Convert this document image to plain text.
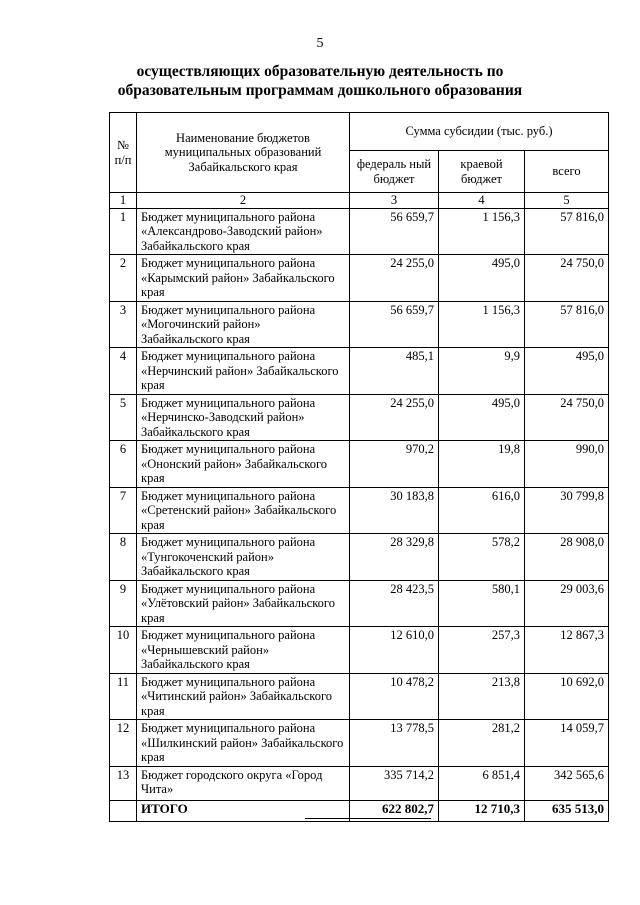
5
осуществляющих образовательную деятельность по образовательным программам дошкольного образования
№ п/п	Наименование бюджетов муниципальных образований Забайкальского края	Сумма субсидии (тыс. руб.)		
		федераль ный бюджет	краевой бюджет	всего
1	2	3	4	5
1	Бюджет муниципального района «Александрово-Заводский район» Забайкальского края	56 659,7	1 156,3	57 816,0
2	Бюджет муниципального района «Карымский район» Забайкальского края	24 255,0	495,0	24 750,0
3	Бюджет муниципального района «Могочинский район» Забайкальского края	56 659,7	1 156,3	57 816,0
4	Бюджет муниципального района «Нерчинский район» Забайкальского края	485,1	9,9	495,0
5	Бюджет муниципального района «Нерчинско-Заводский район» Забайкальского края	24 255,0	495,0	24 750,0
6	Бюджет муниципального района «Ононский район» Забайкальского края	970,2	19,8	990,0
7	Бюджет муниципального района «Сретенский район» Забайкальского края	30 183,8	616,0	30 799,8
8	Бюджет муниципального района «Тунгокоченский район» Забайкальского края	28 329,8	578,2	28 908,0
9	Бюджет муниципального района «Улётовский район» Забайкальского края	28 423,5	580,1	29 003,6
10	Бюджет муниципального района «Чернышевский район» Забайкальского края	12 610,0	257,3	12 867,3
11	Бюджет муниципального района «Читинский район» Забайкальского края	10 478,2	213,8	10 692,0
12	Бюджет муниципального района «Шилкинский район» Забайкальского края	13 778,5	281,2	14 059,7
13	Бюджет городского округа «Город Чита»	335 714,2	6 851,4	342 565,6
	ИТОГО	622 802,7	12 710,3	635 513,0
